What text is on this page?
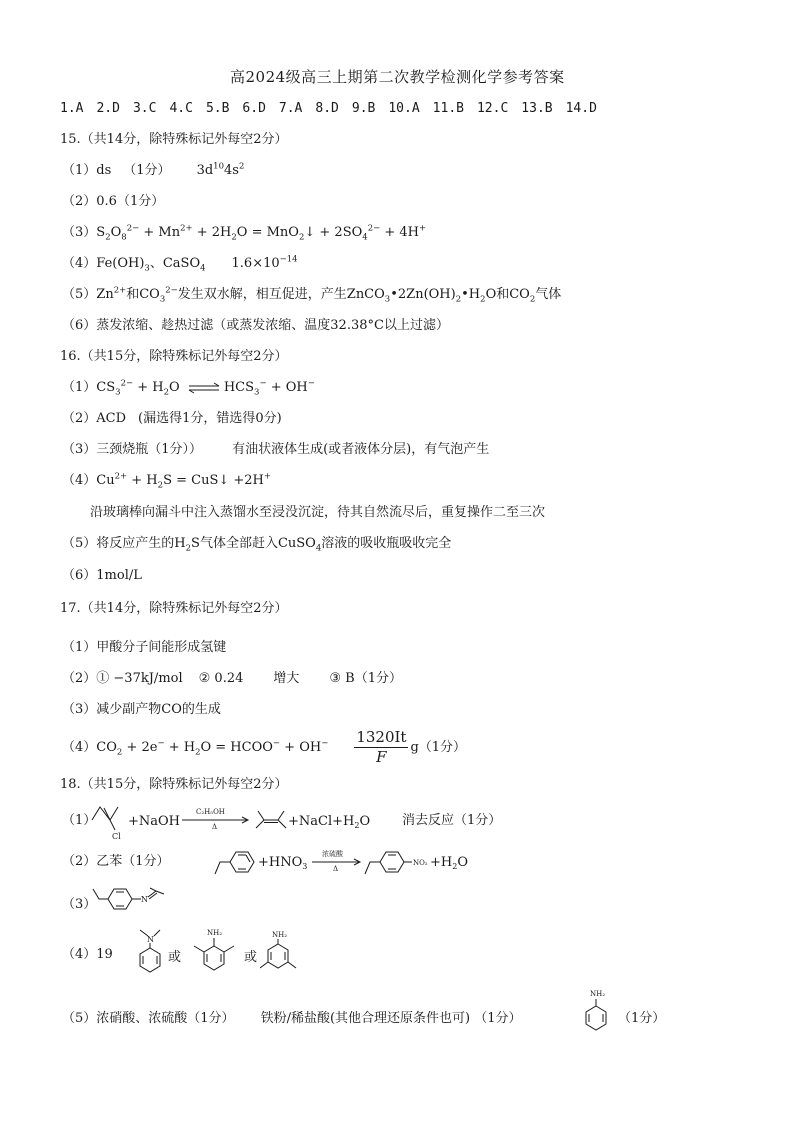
高2024级高三上期第二次教学检测化学参考答案
1.A 2.D 3.C 4.C 5.B 6.D 7.A 8.D 9.B 10.A 11.B 12.C 13.B 14.D
15.（共14分，除特殊标记外每空2分）
（1）ds （1分） $3d^{10}4s^2$
（2）0.6（1分）
$(3)S_2O_8^{2-} + Mn^{2+} + 2H_2O$ = MnO$_2$↓ + $2SO_4^{2-} + 4H^+$
$(4)Fe(OH)_3$、CaSO$_4$ $1.6\times 10^{-14}$
$(5)Zn^{2+}$和$CO_3^{2-}$发生双水解，相互促进，产生$ZnCO_3•2Zn(OH)_2•H_2O$和$CO_2$气体
（6）蒸发浓缩、趁热过滤（或蒸发浓缩、温度32.38°C以上过滤）
16.（共15分，除特殊标记外每空2分）
$(1)CS_3^{2-} + H_2O$ ⇌ $HCS_3^- + OH^-$
（2）ACD (漏选得1分，错选得0分)
（3）三颈烧瓶（1分）） 有油状液体生成(或者液体分层)，有气泡产生
$(4)Cu^{2+} + H_2S$ = CuS↓ +2H+
沿玻璃棒向漏斗中注入蒸馏水至浸没沉淀，待其自然流尽后，重复操作二至三次
（5）将反应产生的$H_2S$气体全部赶入CuSO$_4$溶液的吸收瓶吸收完全
（6）1mol/L
17.（共14分，除特殊标记外每空2分）
（1）甲酸分子间能形成氢键
（2）① −37kJ/mol ② 0.24 增大 ③ B（1分）
（3）减少副产物CO的生成
$(4)CO_2 + 2e^- + H_2O$ = HCOO− + $OH^- \frac{1320It}{F} g(1$分）
18.（共15分，除特殊标记外每空2分）
（1）
Cl
+NaOH
C₂H₅OH
Δ	$+NaCl+H_2O$ 消去反应（1分）
（2）乙苯（1分）	$+HNO_3$
浓硫酸
Δ
$NO_2 +H_2O$
（3）	N
（4）19
N
或
NH₂
或
NH₂
（5）浓硝酸、浓硫酸（1分） 铁粉/稀盐酸(其他合理还原条件也可) （1分）
NH₂
（1分）
